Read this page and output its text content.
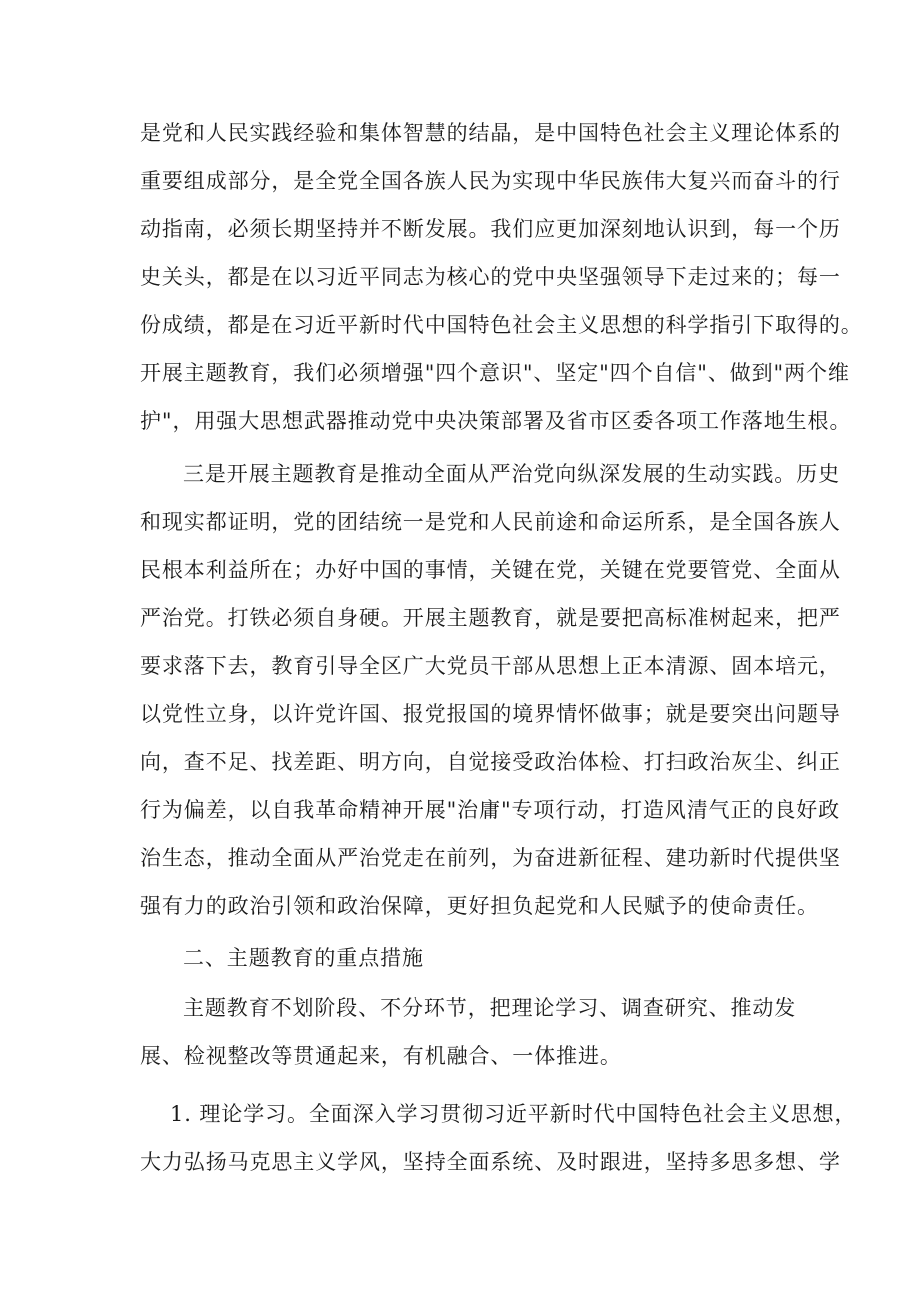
是党和人民实践经验和集体智慧的结晶，是中国特色社会主义理论体系的
重要组成部分，是全党全国各族人民为实现中华民族伟大复兴而奋斗的行
动指南，必须长期坚持并不断发展。我们应更加深刻地认识到，每一个历
史关头，都是在以习近平同志为核心的党中央坚强领导下走过来的；每一
份成绩，都是在习近平新时代中国特色社会主义思想的科学指引下取得的。
开展主题教育，我们必须增强"四个意识"、坚定"四个自信"、做到"两个维
护"，用强大思想武器推动党中央决策部署及省市区委各项工作落地生根。
三是开展主题教育是推动全面从严治党向纵深发展的生动实践。历史
和现实都证明，党的团结统一是党和人民前途和命运所系，是全国各族人
民根本利益所在；办好中国的事情，关键在党，关键在党要管党、全面从
严治党。打铁必须自身硬。开展主题教育，就是要把高标准树起来，把严
要求落下去，教育引导全区广大党员干部从思想上正本清源、固本培元，
以党性立身，以许党许国、报党报国的境界情怀做事；就是要突出问题导
向，查不足、找差距、明方向，自觉接受政治体检、打扫政治灰尘、纠正
行为偏差，以自我革命精神开展"治庸"专项行动，打造风清气正的良好政
治生态，推动全面从严治党走在前列，为奋进新征程、建功新时代提供坚
强有力的政治引领和政治保障，更好担负起党和人民赋予的使命责任。
二、主题教育的重点措施
主题教育不划阶段、不分环节，把理论学习、调查研究、推动发
展、检视整改等贯通起来，有机融合、一体推进。
1. 理论学习。全面深入学习贯彻习近平新时代中国特色社会主义思想，
大力弘扬马克思主义学风，坚持全面系统、及时跟进，坚持多思多想、学
